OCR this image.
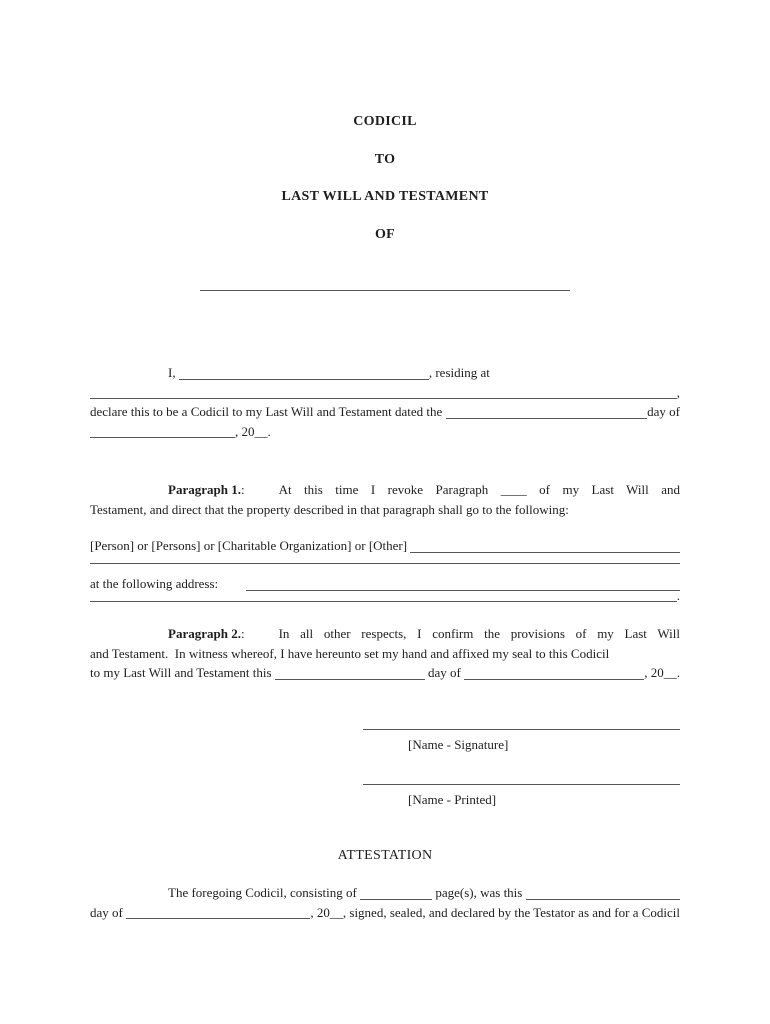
CODICIL
TO
LAST WILL AND TESTAMENT
OF
I,	, residing at
,
declare this to be a Codicil to my Last Will and Testament dated the	day of
, 20__.
Paragraph 1. :	At this time I revoke Paragraph ____ of my Last Will and
Testament, and direct that the property described in that paragraph shall go to the following:
[Person] or [Persons] or [Charitable Organization] or [Other]
at the following address:
.
Paragraph 2. :	In all other respects, I confirm the provisions of my Last Will
and Testament.  In witness whereof, I have hereunto set my hand and affixed my seal to this Codicil
to my Last Will and Testament this	day of	, 20__.
[Name - Signature]
[Name - Printed]
ATTESTATION
The foregoing Codicil, consisting of	page(s), was this
day of	, 20__, signed, sealed, and declared by the Testator as and for a Codicil
